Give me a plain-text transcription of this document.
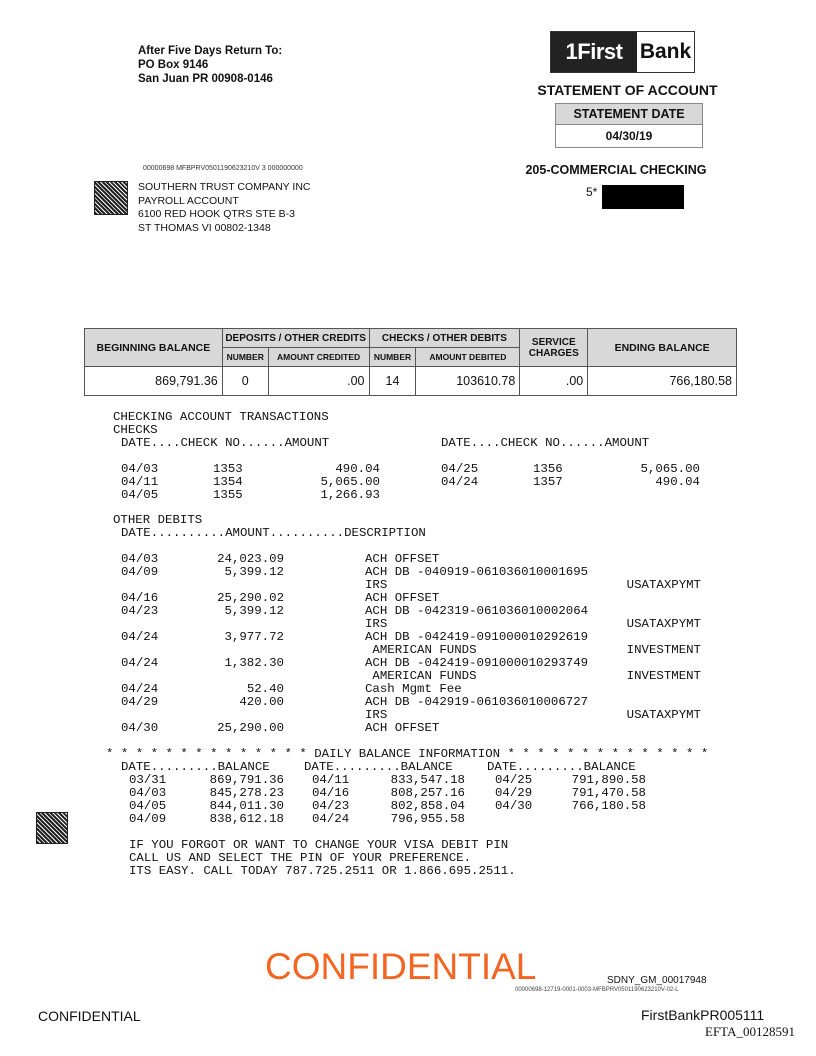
After Five Days Return To:
PO Box 9146
San Juan PR 00908-0146
1First Bank
STATEMENT OF ACCOUNT
STATEMENT DATE
04/30/19
205-COMMERCIAL CHECKING
5*
00000698 MFBPRV0501190623210V 3 000000000
SOUTHERN TRUST COMPANY INC
PAYROLL ACCOUNT
6100 RED HOOK QTRS STE B-3
ST THOMAS VI 00802-1348
BEGINNING BALANCE	DEPOSITS / OTHER CREDITS		CHECKS / OTHER DEBITS		SERVICE CHARGES	ENDING BALANCE
	NUMBER	AMOUNT CREDITED	NUMBER	AMOUNT DEBITED		
869,791.36	0	.00	14	103610.78	.00	766,180.58
CHECKING ACCOUNT TRANSACTIONS
CHECKS
DATE....CHECK NO......AMOUNT	DATE....CHECK NO......AMOUNT
OTHER DEBITS
DATE..........AMOUNT..........DESCRIPTION
* * * * * * * * * * * * * * DAILY BALANCE INFORMATION * * * * * * * * * * * * * *
DATE.........BALANCE	DATE.........BALANCE	DATE.........BALANCE
IF YOU FORGOT OR WANT TO CHANGE YOUR VISA DEBIT PIN
CALL US AND SELECT THE PIN OF YOUR PREFERENCE.
ITS EASY. CALL TODAY 787.725.2511 OR 1.866.695.2511.
04/03	1353	490.04
04/11	1354	5,065.00
04/05	1355	1,266.93
04/25	1356	5,065.00
04/24	1357	490.04
04/03	24,023.09	ACH OFFSET
04/09	5,399.12	ACH DB -040919-061036010001695
IRS	USATAXPYMT
04/16	25,290.02	ACH OFFSET
04/23	5,399.12	ACH DB -042319-061036010002064
IRS	USATAXPYMT
04/24	3,977.72	ACH DB -042419-091000010292619
AMERICAN FUNDS	INVESTMENT
04/24	1,382.30	ACH DB -042419-091000010293749
AMERICAN FUNDS	INVESTMENT
04/24	52.40	Cash Mgmt Fee
04/29	420.00	ACH DB -042919-061036010006727
IRS	USATAXPYMT
04/30	25,290.00	ACH OFFSET
03/31	869,791.36
04/03	845,278.23
04/05	844,011.30
04/09	838,612.18
04/11	833,547.18
04/16	808,257.16
04/23	802,858.04
04/24	796,955.58
04/25	791,890.58
04/29	791,470.58
04/30	766,180.58
CONFIDENTIAL	SDNY_GM_00017948
00000698-12719-0001-0003-MFBPRV0501190623210V-02-L
CONFIDENTIAL	FirstBankPR005111
EFTA_00128591
